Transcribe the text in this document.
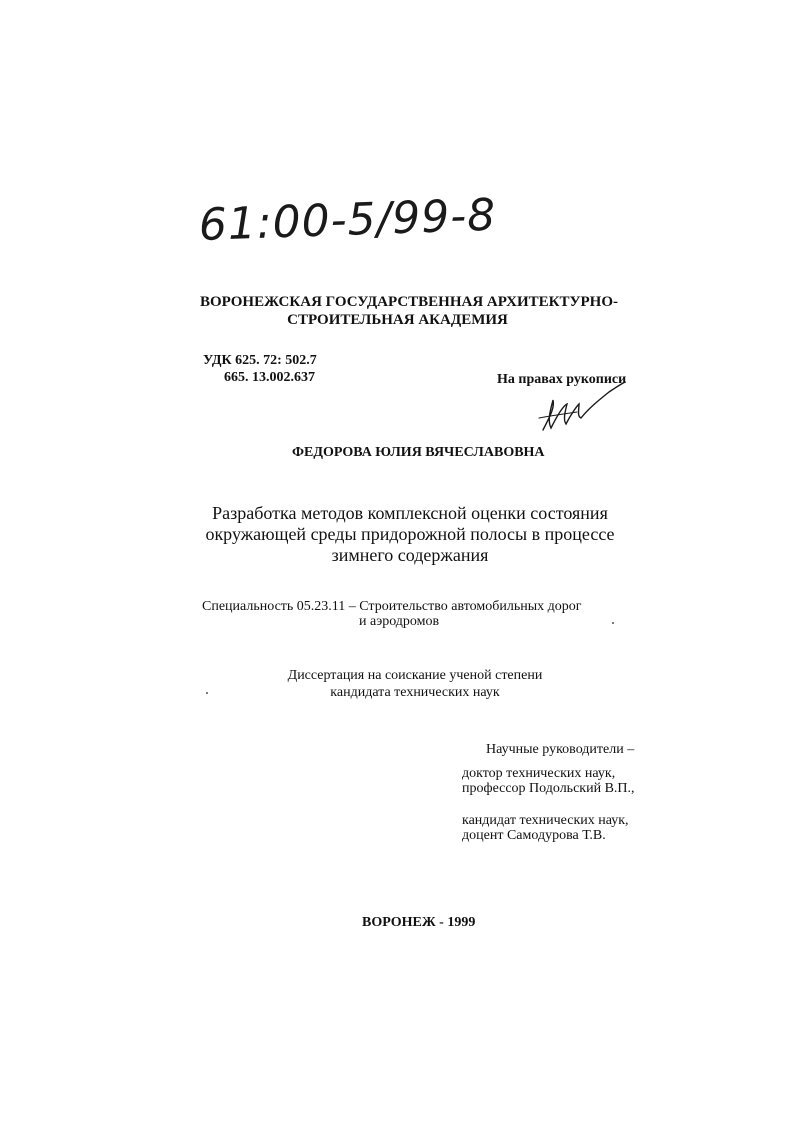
61:00-5/99-8
ВОРОНЕЖСКАЯ ГОСУДАРСТВЕННАЯ АРХИТЕКТУРНО-
СТРОИТЕЛЬНАЯ АКАДЕМИЯ
УДК 625. 72: 502.7
665. 13.002.637	На правах рукописи
ФЕДОРОВА ЮЛИЯ ВЯЧЕСЛАВОВНА
Разработка методов комплексной оценки состояния
окружающей среды придорожной полосы в процессе
зимнего содержания
Специальность 05.23.11 – Строительство автомобильных дорог
и аэродромов
Диссертация на соискание ученой степени
кандидата технических наук
Научные руководители –
доктор технических наук,
профессор Подольский В.П.,
кандидат технических наук,
доцент Самодурова Т.В.
ВОРОНЕЖ - 1999
